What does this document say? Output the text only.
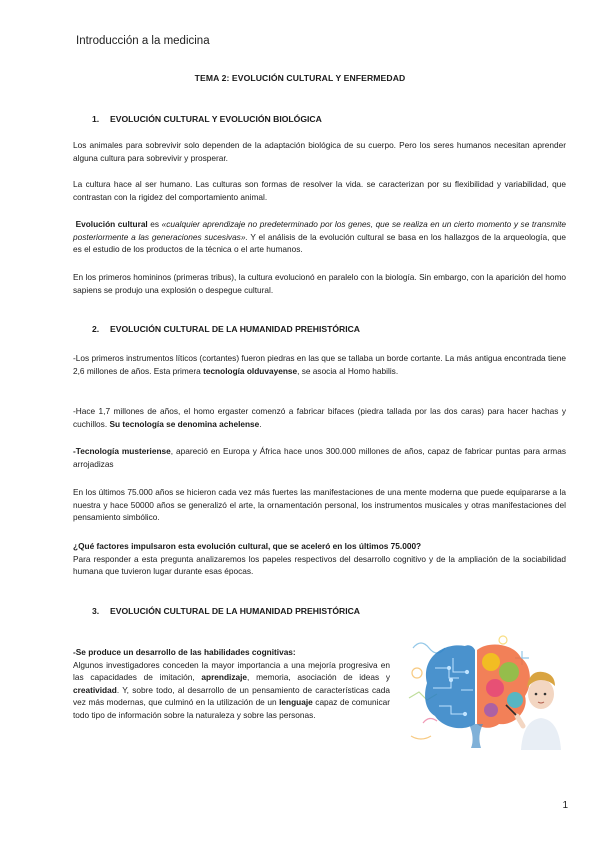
Introducción a la medicina
TEMA 2: EVOLUCIÓN CULTURAL Y ENFERMEDAD
1. EVOLUCIÓN CULTURAL Y EVOLUCIÓN BIOLÓGICA
Los animales para sobrevivir solo dependen de la adaptación biológica de su cuerpo. Pero los seres humanos necesitan aprender alguna cultura para sobrevivir y prosperar.
La cultura hace al ser humano. Las culturas son formas de resolver la vida. se caracterizan por su flexibilidad y variabilidad, que contrastan con la rigidez del comportamiento animal.
Evolución cultural es «cualquier aprendizaje no predeterminado por los genes, que se realiza en un cierto momento y se transmite posteriormente a las generaciones sucesivas». Y el análisis de la evolución cultural se basa en los hallazgos de la arqueología, que es el estudio de los productos de la técnica o el arte humanos.
En los primeros homininos (primeras tribus), la cultura evolucionó en paralelo con la biología. Sin embargo, con la aparición del homo sapiens se produjo una explosión o despegue cultural.
2. EVOLUCIÓN CULTURAL DE LA HUMANIDAD PREHISTÓRICA
-Los primeros instrumentos líticos (cortantes) fueron piedras en las que se tallaba un borde cortante. La más antigua encontrada tiene 2,6 millones de años. Esta primera tecnología olduvayense, se asocia al Homo habilis.
-Hace 1,7 millones de años, el homo ergaster comenzó a fabricar bifaces (piedra tallada por las dos caras) para hacer hachas y cuchillos. Su tecnología se denomina achelense.
-Tecnología musteriense, apareció en Europa y África hace unos 300.000 millones de años, capaz de fabricar puntas para armas arrojadizas
En los últimos 75.000 años se hicieron cada vez más fuertes las manifestaciones de una mente moderna que puede equipararse a la nuestra y hace 50000 años se generalizó el arte, la ornamentación personal, los instrumentos musicales y otras manifestaciones del pensamiento simbólico.
¿Qué factores impulsaron esta evolución cultural, que se aceleró en los últimos 75.000?
Para responder a esta pregunta analizaremos los papeles respectivos del desarrollo cognitivo y de la ampliación de la sociabilidad humana que tuvieron lugar durante esas épocas.
3. EVOLUCIÓN CULTURAL DE LA HUMANIDAD PREHISTÓRICA
-Se produce un desarrollo de las habilidades cognitivas:
Algunos investigadores conceden la mayor importancia a una mejoría progresiva en las capacidades de imitación, aprendizaje, memoria, asociación de ideas y creatividad. Y, sobre todo, al desarrollo de un pensamiento de características cada vez más modernas, que culminó en la utilización de un lenguaje capaz de comunicar todo tipo de información sobre la naturaleza y sobre las personas.
1
